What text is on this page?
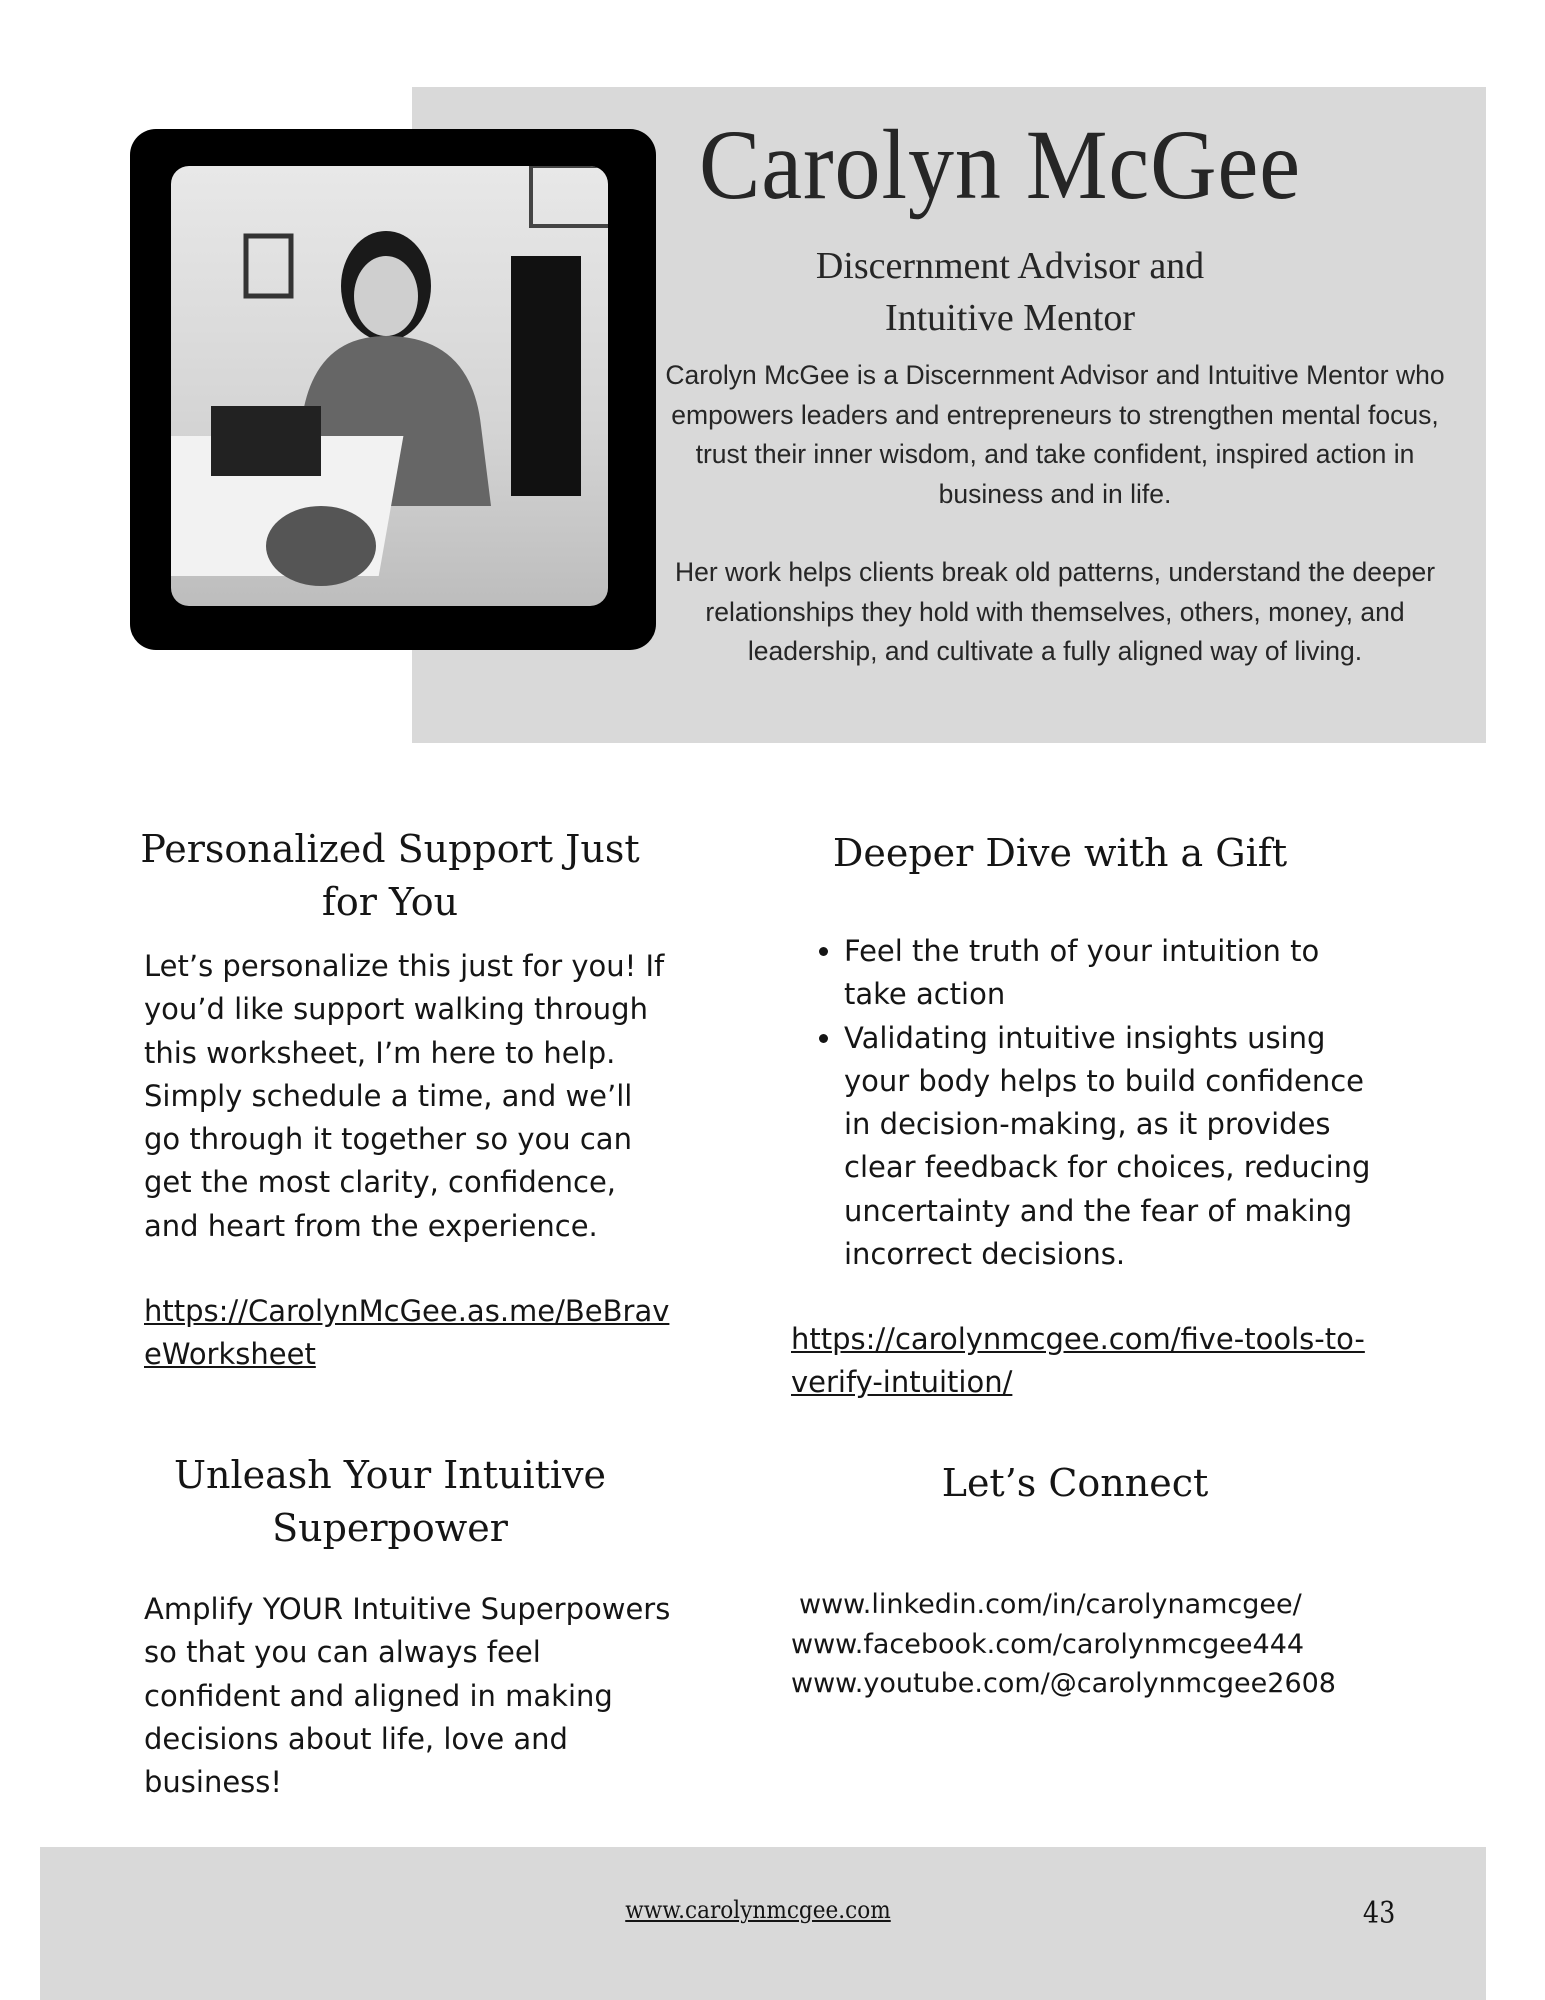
Carolyn McGee
Discernment Advisor and
Intuitive Mentor
Carolyn McGee is a Discernment Advisor and Intuitive Mentor who empowers leaders and entrepreneurs to strengthen mental focus, trust their inner wisdom, and take confident, inspired action in business and in life.
Her work helps clients break old patterns, understand the deeper relationships they hold with themselves, others, money, and leadership, and cultivate a fully aligned way of living.
Personalized Support Just for You
Let’s personalize this just for you! If you’d like support walking through this worksheet, I’m here to help. Simply schedule a time, and we’ll go through it together so you can get the most clarity, confidence, and heart from the experience.
https://CarolynMcGee.as.me/BeBraveWorksheet
Unleash Your Intuitive Superpower
Amplify YOUR Intuitive Superpowers so that you can always feel confident and aligned in making decisions about life, love and business!
Deeper Dive with a Gift
• Feel the truth of your intuition to take action
• Validating intuitive insights using your body helps to build confidence in decision-making, as it provides clear feedback for choices, reducing uncertainty and the fear of making incorrect decisions.
https://carolynmcgee.com/five-tools-to-verify-intuition/
Let’s Connect
www.linkedin.com/in/carolynamcgee/
www.facebook.com/carolynmcgee444
www.youtube.com/@carolynmcgee2608
www.carolynmcgee.com	43
